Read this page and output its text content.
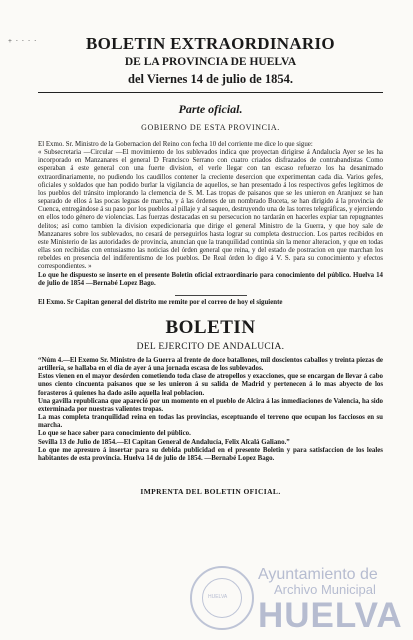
+ · · · ·	BOLETIN EXTRAORDINARIO

DE LA PROVINCIA DE HUELVA

del Viernes 14 de julio de 1854.

Parte oficial.

GOBIERNO DE ESTA PROVINCIA.

El Exmo. Sr. Ministro de la Gobernacion del Reino con fecha 10 del corriente me dice lo que sigue:

« Subsecretaria —Circular —El movimiento de los sublevados indica que proyectan dirigirse á Andalucía Ayer se les ha incorporado en Manzanares el general D Francisco Serrano con cuatro criados disfrazados de contrabandistas Como esperaban á este general con una fuerte division, el verle llegar con tan escaso refuerzo los ha desanimado extraordinariamente, no pudiendo los caudillos contener la creciente desercion que experimentan cada dia. Varios gefes, oficiales y soldados que han podido burlar la vigilancia de aquellos, se han presentado á los respectivos gefes legítimos de los pueblos del tránsito implorando la clemencia de S. M. Las tropas de paisanos que se les unieron en Aranjuez se han separado de ellos á las pocas leguas de marcha, y á las órdenes de un nombrado Buceta, se han dirigido á la provincia de Cuenca, entregándose á su paso por los pueblos al pillaje y al saqueo, destruyendo una de las torres telegráficas, y ejerciendo en ellos todo género de violencias. Las fuerzas destacadas en su persecucion no tardarán en hacerles expiar tan repugnantes delitos; así como tambien la division expedicionaria que dirige el general Ministro de la Guerra, y que hoy sale de Manzanares sobre los sublevados, no cesará de perseguirlos hasta lograr su completa destruccion. Los partes recibidos en este Ministerio de las autoridades de provincia, anuncian que la tranquilidad continúa sin la menor alteracion, y que en todas ellas son recibidas con entusiasmo las noticias del órden general que reina, y del estado de postracion en que marchan los rebeldes en presencia del indiferentismo de los pueblos. De Real órden lo digo á V. S. para su conocimiento y efectos correspondientes. »

Lo que he dispuesto se inserte en el presente Boletin oficial extraordinario para conocimiento del público. Huelva 14 de julio de 1854 —Bernabé Lopez Bago.

El Exmo. Sr Capitan general del distrito me remite por el correo de hoy el siguiente

BOLETIN

DEL EJERCITO DE ANDALUCIA.

“Núm 4.—El Exemo Sr. Ministro de la Guerra al frente de doce batallones, mil doscientos caballos y treinta piezas de artillería, se hallaba en el dia de ayer á una jornada escasa de los sublevados.

Estos vienen en el mayor desórden cometiendo toda clase de atropellos y exacciones, que se encargan de llevar á cabo unos ciento cincuenta paisanos que se les unieron á su salida de Madrid y pertenecen á lo mas abyecto de los forasteros á quienes ha dado asilo aquella leal poblacion.

Una gavilla republicana que apareció por un momento en el pueblo de Alcira á las inmediaciones de Valencia, ha sido exterminada por nuestras valientes tropas.

La mas completa tranquilidad reina en todas las provincias, esceptuando el terreno que ocupan los facciosos en su marcha.

Lo que se hace saber para conocimiento del público.

Sevilla 13 de Julio de 1854.—El Capitan General de Andalucía, Felix Alcalá Galiano.”

Lo que me apresuro á insertar para su debida publicidad en el presente Boletin y para satisfaccion de los leales habitantes de esta provincia. Huelva 14 de julio de 1854. —Bernabé Lopez Bago.

IMPRENTA DEL BOLETIN OFICIAL.

HUELVA
Ayuntamiento de
Archivo Municipal
HUELVA
